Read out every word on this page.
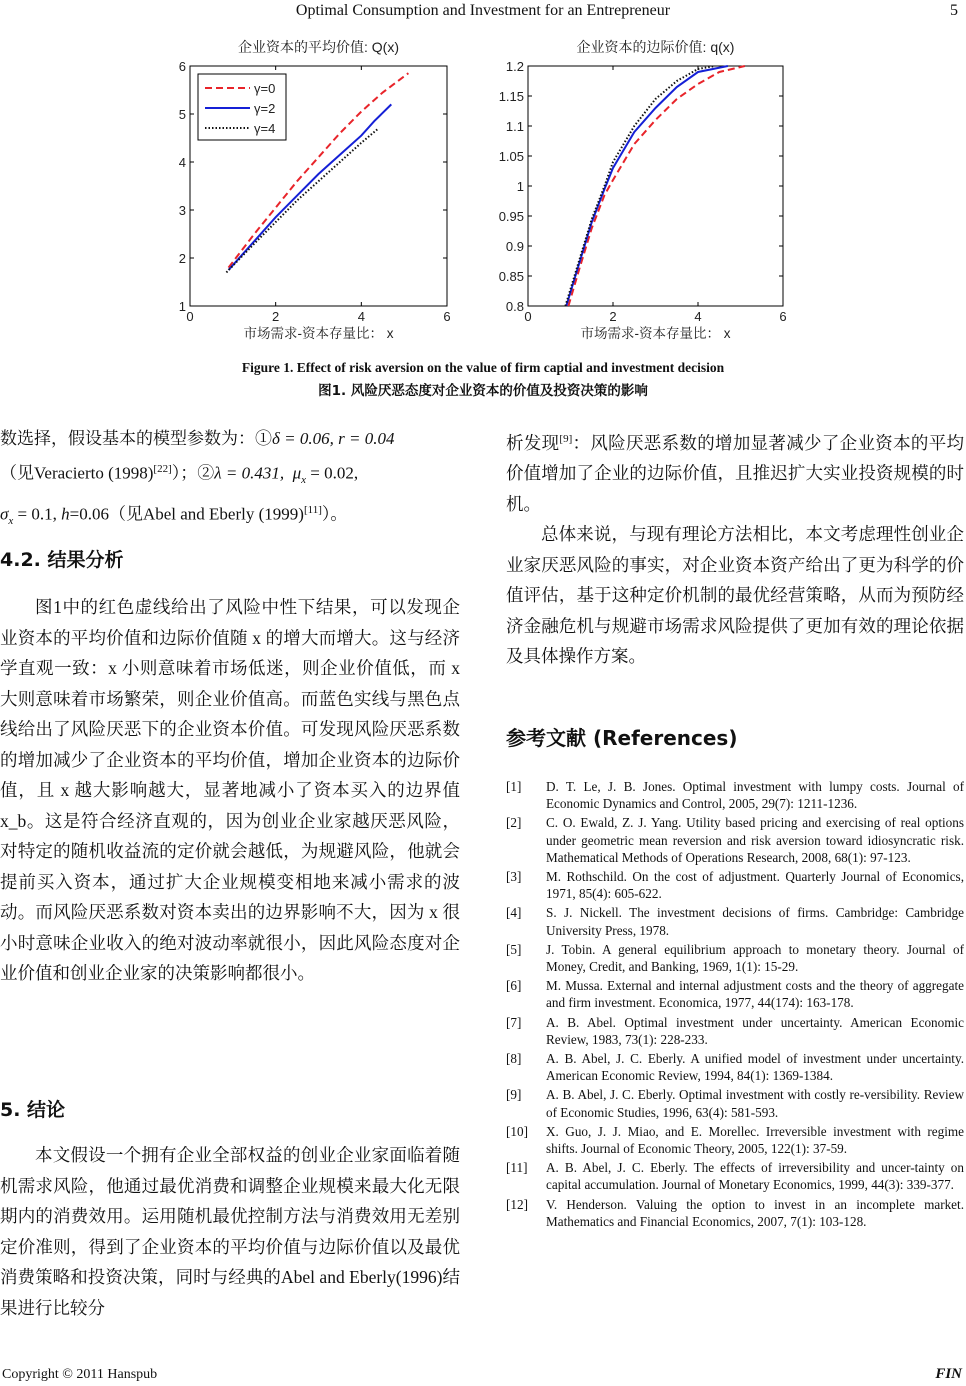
Optimal Consumption and Investment for an Entrepreneur	5
企业资本的平均价值: Q(x)
0	2	4	6
1
2
3
4
5
6
市场需求-资本存量比： x
γ=0
γ=2
γ=4
企业资本的边际价值: q(x)
0	2	4	6
0.8
0.85
0.9
0.95
1
1.05
1.1
1.15
1.2
市场需求-资本存量比： x
Figure 1. Effect of risk aversion on the value of firm captial and investment decision
图1. 风险厌恶态度对企业资本的价值及投资决策的影响
数选择，假设基本的模型参数为：①δ = 0.06, r = 0.04
（见Veracierto (1998)[22]）；②λ = 0.431, $\mu_x = 0.02$,
$\sigma_x = 0.1$, h=0.06（见Abel and Eberly (1999)[11]）。
4.2. 结果分析

图1中的红色虚线给出了风险中性下结果，可以发现企业资本的平均价值和边际价值随 x 的增大而增大。这与经济学直观一致：x 小则意味着市场低迷，则企业价值低，而 x 大则意味着市场繁荣，则企业价值高。而蓝色实线与黑色点线给出了风险厌恶下的企业资本价值。可发现风险厌恶系数的增加减少了企业资本的平均价值，增加企业资本的边际价值，且 x 越大影响越大，显著地减小了资本买入的边界值 x_b。这是符合经济直观的，因为创业企业家越厌恶风险，对特定的随机收益流的定价就会越低，为规避风险，他就会提前买入资本，通过扩大企业规模变相地来减小需求的波动。而风险厌恶系数对资本卖出的边界影响不大，因为 x 很小时意味企业收入的绝对波动率就很小，因此风险态度对企业价值和创业企业家的决策影响都很小。

5. 结论

本文假设一个拥有企业全部权益的创业企业家面临着随机需求风险，他通过最优消费和调整企业规模来最大化无限期内的消费效用。运用随机最优控制方法与消费效用无差别定价准则，得到了企业资本的平均价值与边际价值以及最优消费策略和投资决策，同时与经典的Abel and Eberly(1996)结果进行比较分

析发现[9]：风险厌恶系数的增加显著减少了企业资本的平均价值增加了企业的边际价值，且推迟扩大实业投资规模的时机。

总体来说，与现有理论方法相比，本文考虑理性创业企业家厌恶风险的事实，对企业资本资产给出了更为科学的价值评估，基于这种定价机制的最优经营策略，从而为预防经济金融危机与规避市场需求风险提供了更加有效的理论依据及具体操作方案。

参考文献 (References)
[1]	D. T. Le, J. B. Jones. Optimal investment with lumpy costs. Journal of Economic Dynamics and Control, 2005, 29(7): 1211-1236.
[2]	C. O. Ewald, Z. J. Yang. Utility based pricing and exercising of real options under geometric mean reversion and risk aversion toward idiosyncratic risk. Mathematical Methods of Operations Research, 2008, 68(1): 97-123.
[3]	M. Rothschild. On the cost of adjustment. Quarterly Journal of Economics, 1971, 85(4): 605-622.
[4]	S. J. Nickell. The investment decisions of firms. Cambridge: Cambridge University Press, 1978.
[5]	J. Tobin. A general equilibrium approach to monetary theory. Journal of Money, Credit, and Banking, 1969, 1(1): 15-29.
[6]	M. Mussa. External and internal adjustment costs and the theory of aggregate and firm investment. Economica, 1977, 44(174): 163-178.
[7]	A. B. Abel. Optimal investment under uncertainty. American Economic Review, 1983, 73(1): 228-233.
[8]	A. B. Abel, J. C. Eberly. A unified model of investment under uncertainty. American Economic Review, 1994, 84(1): 1369-1384.
[9]	A. B. Abel, J. C. Eberly. Optimal investment with costly re-versibility. Review of Economic Studies, 1996, 63(4): 581-593.
[10]	X. Guo, J. J. Miao, and E. Morellec. Irreversible investment with regime shifts. Journal of Economic Theory, 2005, 122(1): 37-59.
[11]	A. B. Abel, J. C. Eberly. The effects of irreversibility and uncer-tainty on capital accumulation. Journal of Monetary Economics, 1999, 44(3): 339-377.
[12]	V. Henderson. Valuing the option to invest in an incomplete market. Mathematics and Financial Economics, 2007, 7(1): 103-128.
Copyright © 2011 Hanspub	FIN
